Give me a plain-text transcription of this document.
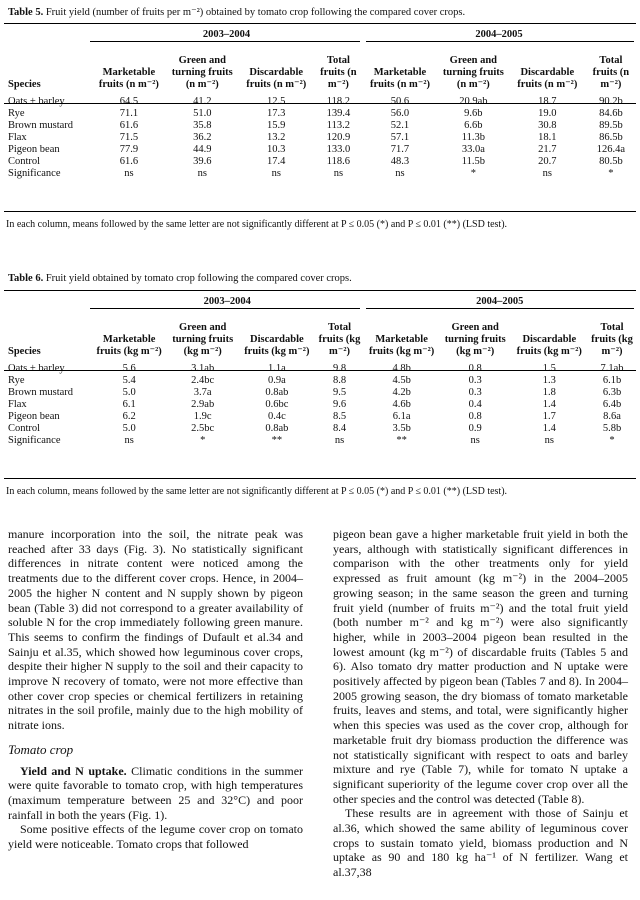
Table 5. Fruit yield (number of fruits per m⁻²) obtained by tomato crop following the compared cover crops.
	2003–2004				2004–2005			
Species	Marketable fruits (n m⁻²)	Green and turning fruits (n m⁻²)	Discardable fruits (n m⁻²)	Total fruits (n m⁻²)	Marketable fruits (n m⁻²)	Green and turning fruits (n m⁻²)	Discardable fruits (n m⁻²)	Total fruits (n m⁻²)
Oats + barley	64.5	41.2	12.5	118.2	50.6	20.9ab	18.7	90.2b
Rye	71.1	51.0	17.3	139.4	56.0	9.6b	19.0	84.6b
Brown mustard	61.6	35.8	15.9	113.2	52.1	6.6b	30.8	89.5b
Flax	71.5	36.2	13.2	120.9	57.1	11.3b	18.1	86.5b
Pigeon bean	77.9	44.9	10.3	133.0	71.7	33.0a	21.7	126.4a
Control	61.6	39.6	17.4	118.6	48.3	11.5b	20.7	80.5b
Significance	ns	ns	ns	ns	ns	*	ns	*
In each column, means followed by the same letter are not significantly different at P ≤ 0.05 (*) and P ≤ 0.01 (**) (LSD test).
Table 6. Fruit yield obtained by tomato crop following the compared cover crops.
	2003–2004				2004–2005			
Species	Marketable fruits (kg m⁻²)	Green and turning fruits (kg m⁻²)	Discardable fruits (kg m⁻²)	Total fruits (kg m⁻²)	Marketable fruits (kg m⁻²)	Green and turning fruits (kg m⁻²)	Discardable fruits (kg m⁻²)	Total fruits (kg m⁻²)
Oats + barley	5.6	3.1ab	1.1a	9.8	4.8b	0.8	1.5	7.1ab
Rye	5.4	2.4bc	0.9a	8.8	4.5b	0.3	1.3	6.1b
Brown mustard	5.0	3.7a	0.8ab	9.5	4.2b	0.3	1.8	6.3b
Flax	6.1	2.9ab	0.6bc	9.6	4.6b	0.4	1.4	6.4b
Pigeon bean	6.2	1.9c	0.4c	8.5	6.1a	0.8	1.7	8.6a
Control	5.0	2.5bc	0.8ab	8.4	3.5b	0.9	1.4	5.8b
Significance	ns	*	**	ns	**	ns	ns	*
In each column, means followed by the same letter are not significantly different at P ≤ 0.05 (*) and P ≤ 0.01 (**) (LSD test).

manure incorporation into the soil, the nitrate peak was reached after 33 days (Fig. 3). No statistically significant differences in nitrate content were noticed among the treatments due to the different cover crops. Hence, in 2004–2005 the higher N content and N supply shown by pigeon bean (Table 3) did not correspond to a greater availability of soluble N for the crop immediately following green manure. This seems to confirm the findings of Dufault et al.34 and Sainju et al.35, which showed how leguminous cover crops, despite their higher N supply to the soil and their capacity to improve N recovery of tomato, were not more effective than other cover crop species or chemical fertilizers in retaining nitrates in the soil profile, mainly due to the high mobility of nitrate ions.

Tomato crop

Yield and N uptake. Climatic conditions in the summer were quite favorable to tomato crop, with high temperatures (maximum temperature between 25 and 32°C) and poor rainfall in both the years (Fig. 1).

Some positive effects of the legume cover crop on tomato yield were noticeable. Tomato crops that followed

pigeon bean gave a higher marketable fruit yield in both the years, although with statistically significant differences in comparison with the other treatments only for yield expressed as fruit amount (kg m⁻²) in the 2004–2005 growing season; in the same season the green and turning fruit yield (number of fruits m⁻²) and the total fruit yield (both number m⁻² and kg m⁻²) were also significantly higher, while in 2003–2004 pigeon bean resulted in the lowest amount (kg m⁻²) of discardable fruits (Tables 5 and 6). Also tomato dry matter production and N uptake were positively affected by pigeon bean (Tables 7 and 8). In 2004–2005 growing season, the dry biomass of tomato marketable fruits, leaves and stems, and total, were significantly higher when this species was used as the cover crop, although for marketable fruit dry biomass production the difference was not statistically significant with respect to oats and barley mixture and rye (Table 7), while for tomato N uptake a significant superiority of the legume cover crop over all the other species and the control was detected (Table 8).

These results are in agreement with those of Sainju et al.36, which showed the same ability of leguminous cover crops to sustain tomato yield, biomass production and N uptake as 90 and 180 kg ha⁻¹ of N fertilizer. Wang et al.37,38
